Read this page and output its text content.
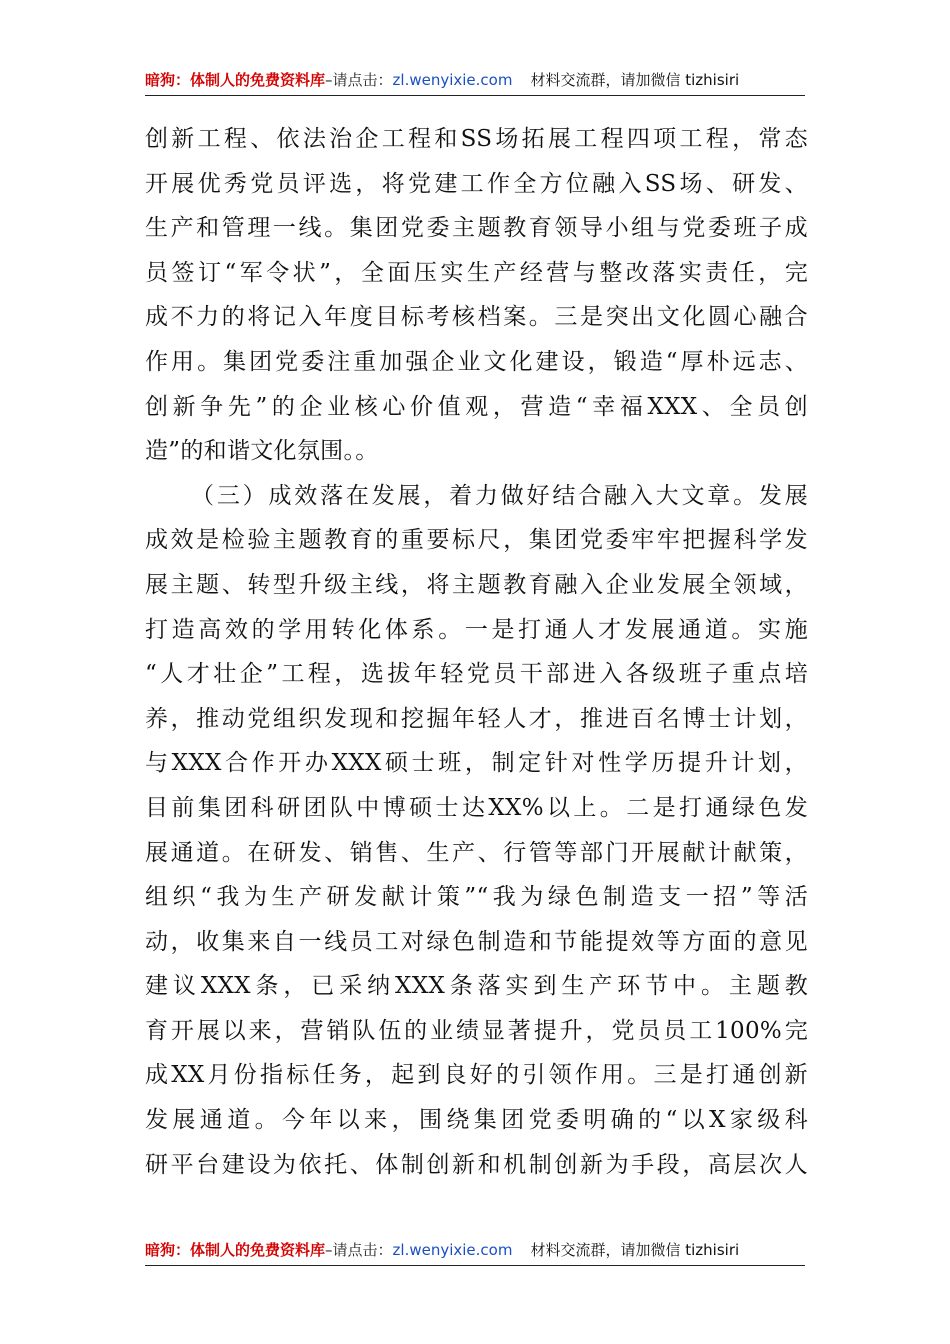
暗狗：体制人的免费资料库 –请点击： zl.wenyixie.com 材料交流群，请加微信 tizhisiri
创新工程、依法治企工程和SS场拓展工程四项工程，常态
开展优秀党员评选，将党建工作全方位融入SS场、研发、
生产和管理一线。集团党委主题教育领导小组与党委班子成
员签订“军令状”，全面压实生产经营与整改落实责任，完
成不力的将记入年度目标考核档案。三是突出文化圆心融合
作用。集团党委注重加强企业文化建设，锻造“厚朴远志、
创新争先”的企业核心价值观，营造“幸福XXX、全员创
造”的和谐文化氛围。。
（三）成效落在发展，着力做好结合融入大文章。发展
成效是检验主题教育的重要标尺，集团党委牢牢把握科学发
展主题、转型升级主线，将主题教育融入企业发展全领域，
打造高效的学用转化体系。一是打通人才发展通道。实施
“人才壮企”工程，选拔年轻党员干部进入各级班子重点培
养，推动党组织发现和挖掘年轻人才，推进百名博士计划，
与XXX合作开办XXX硕士班，制定针对性学历提升计划，
目前集团科研团队中博硕士达XX%以上。二是打通绿色发
展通道。在研发、销售、生产、行管等部门开展献计献策，
组织“我为生产研发献计策”“我为绿色制造支一招”等活
动，收集来自一线员工对绿色制造和节能提效等方面的意见
建议XXX条，已采纳XXX条落实到生产环节中。主题教
育开展以来，营销队伍的业绩显著提升，党员员工100%完
成XX月份指标任务，起到良好的引领作用。三是打通创新
发展通道。今年以来，围绕集团党委明确的“以X家级科
研平台建设为依托、体制创新和机制创新为手段，高层次人
暗狗：体制人的免费资料库 –请点击： zl.wenyixie.com 材料交流群，请加微信 tizhisiri
